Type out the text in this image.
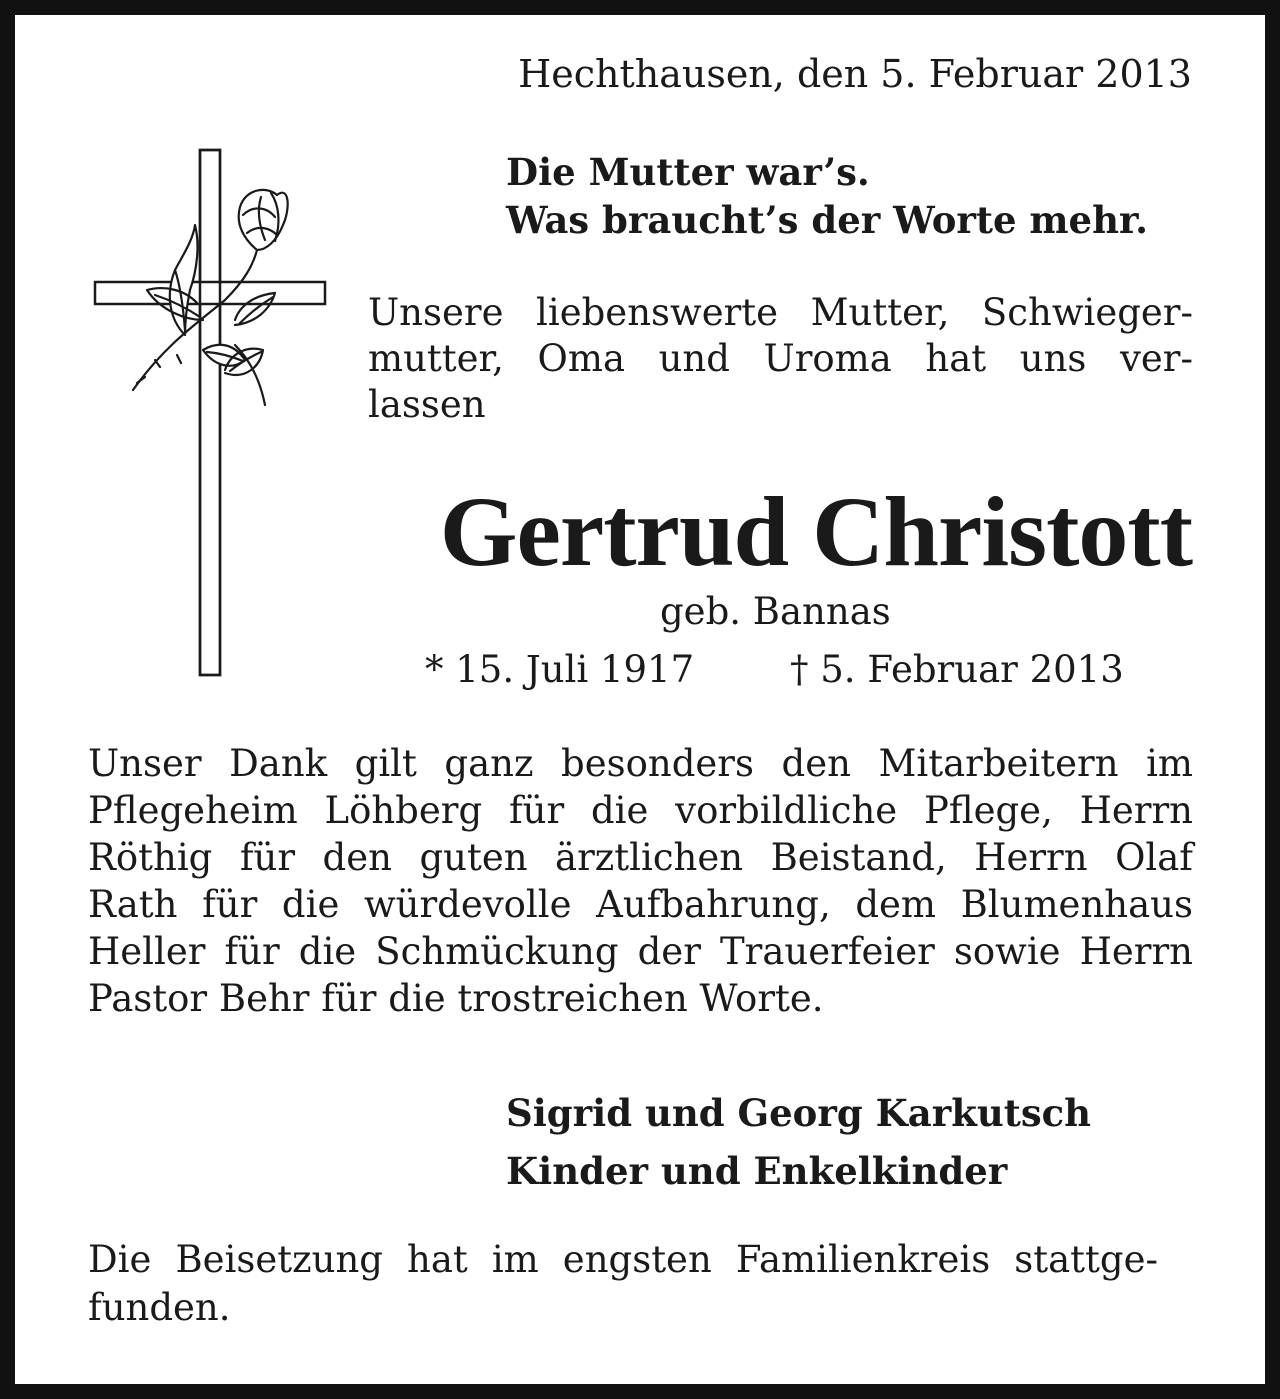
Hechthausen, den 5. Februar 2013
Die Mutter war’s.
Was braucht’s der Worte mehr.
Unsere liebenswerte Mutter, Schwieger-
mutter, Oma und Uroma hat uns ver-
lassen
Gertrud Christott
geb. Bannas
* 15. Juli 1917	† 5. Februar 2013
Unser Dank gilt ganz besonders den Mitarbeitern im
Pflegeheim Löhberg für die vorbildliche Pflege, Herrn
Röthig für den guten ärztlichen Beistand, Herrn Olaf
Rath für die würdevolle Aufbahrung, dem Blumenhaus
Heller für die Schmückung der Trauerfeier sowie Herrn
Pastor Behr für die trostreichen Worte.
Sigrid und Georg Karkutsch
Kinder und Enkelkinder
Die Beisetzung hat im engsten Familienkreis stattge-
funden.
